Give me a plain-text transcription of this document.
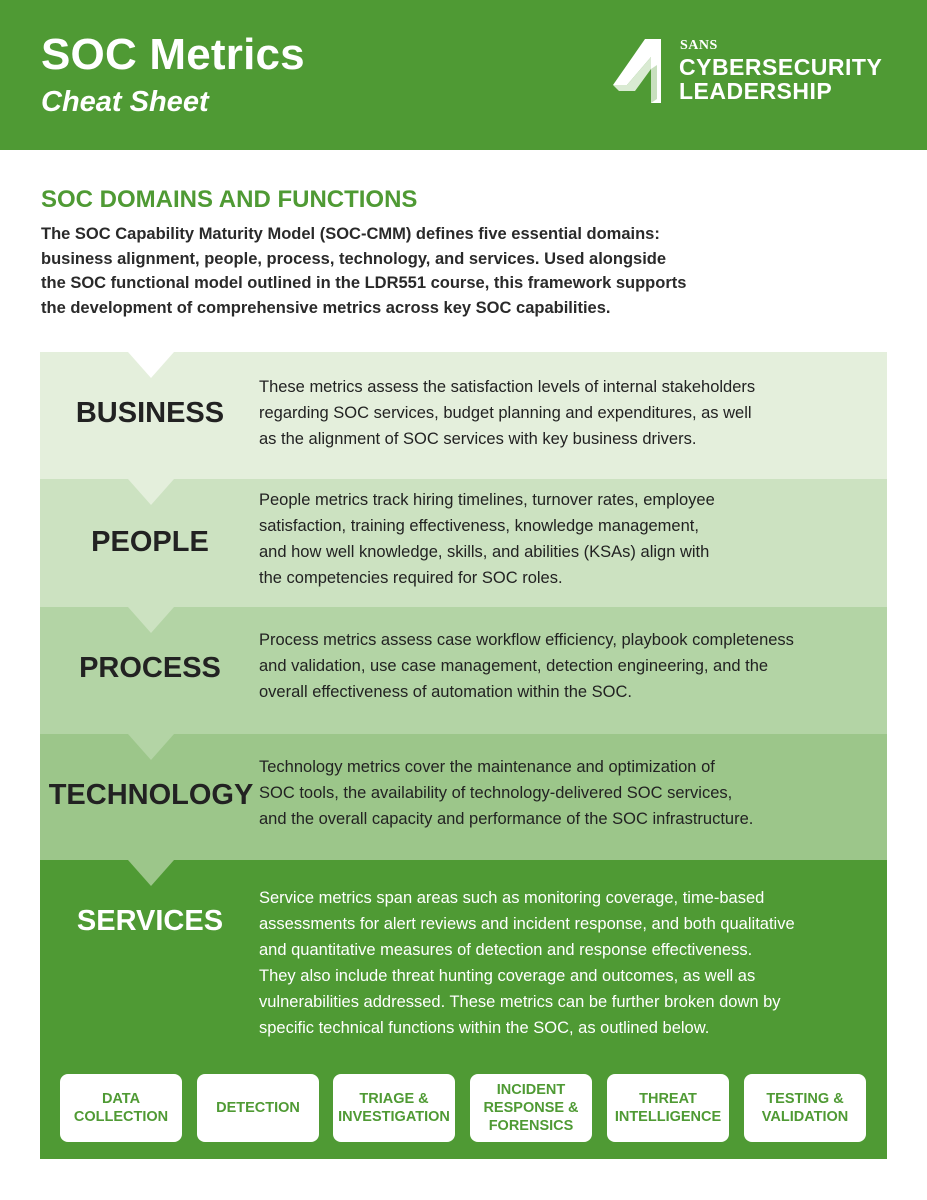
SOC Metrics
Cheat Sheet
SANS
CYBERSECURITY
LEADERSHIP
SOC DOMAINS AND FUNCTIONS
The SOC Capability Maturity Model (SOC-CMM) defines five essential domains:
business alignment, people, process, technology, and services. Used alongside
the SOC functional model outlined in the LDR551 course, this framework supports
the development of comprehensive metrics across key SOC capabilities.
BUSINESS
These metrics assess the satisfaction levels of internal stakeholders
regarding SOC services, budget planning and expenditures, as well
as the alignment of SOC services with key business drivers.
PEOPLE
People metrics track hiring timelines, turnover rates, employee
satisfaction, training effectiveness, knowledge management,
and how well knowledge, skills, and abilities (KSAs) align with
the competencies required for SOC roles.
PROCESS
Process metrics assess case workflow efficiency, playbook completeness
and validation, use case management, detection engineering, and the
overall effectiveness of automation within the SOC.
TECHNOLOGY
Technology metrics cover the maintenance and optimization of
SOC tools, the availability of technology-delivered SOC services,
and the overall capacity and performance of the SOC infrastructure.
SERVICES
Service metrics span areas such as monitoring coverage, time-based
assessments for alert reviews and incident response, and both qualitative
and quantitative measures of detection and response effectiveness.
They also include threat hunting coverage and outcomes, as well as
vulnerabilities addressed. These metrics can be further broken down by
specific technical functions within the SOC, as outlined below.
DATA
COLLECTION
DETECTION
TRIAGE &
INVESTIGATION
INCIDENT
RESPONSE &
FORENSICS
THREAT
INTELLIGENCE
TESTING &
VALIDATION
